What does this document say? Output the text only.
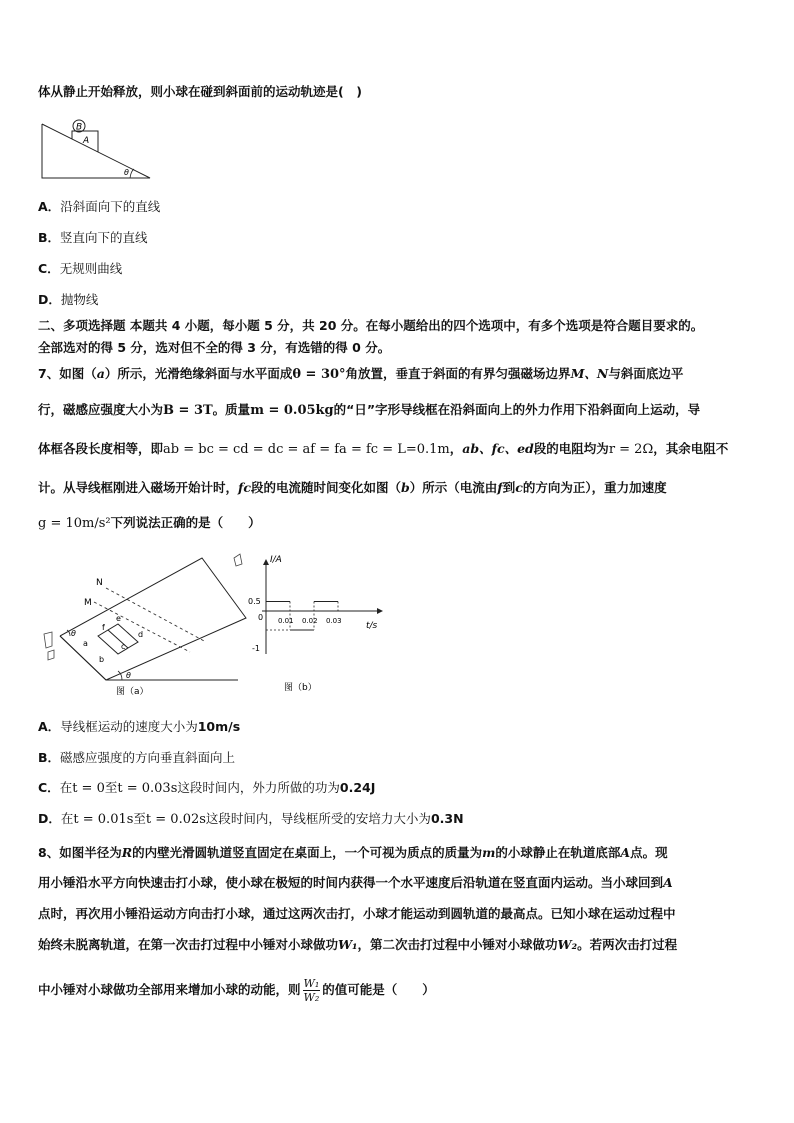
体从静止开始释放，则小球在碰到斜面前的运动轨迹是(　)
B
A
θ
A．沿斜面向下的直线
B．竖直向下的直线
C．无规则曲线
D．抛物线
二、多项选择题 本题共 4 小题，每小题 5 分，共 20 分。在每小题给出的四个选项中，有多个选项是符合题目要求的。
全部选对的得 5 分，选对但不全的得 3 分，有选错的得 0 分。
7、如图（a）所示，光滑绝缘斜面与水平面成θ = 30°角放置，垂直于斜面的有界匀强磁场边界M、N与斜面底边平
行，磁感应强度大小为B = 3T。质量m = 0.05kg的“日”字形导线框在沿斜面向上的外力作用下沿斜面向上运动，导
体框各段长度相等，即ab = bc = cd = dc = af = fa = fc = L=0.1m，ab、fc、ed段的电阻均为r = 2Ω，其余电阻不
计。从导线框刚进入磁场开始计时，fc段的电流随时间变化如图（b）所示（电流由f到c的方向为正），重力加速度
g = 10m/s²下列说法正确的是（　　）
N
M
a
b
c
d
e
f
θ
θ
图（a）
I/A
t/s
0
0.5
-1
0.01 0.02 0.03
图（b）
A．导线框运动的速度大小为10m/s
B．磁感应强度的方向垂直斜面向上
C．在t = 0至t = 0.03s这段时间内，外力所做的功为0.24J
D．在t = 0.01s至t = 0.02s这段时间内，导线框所受的安培力大小为0.3N
8、如图半径为R的内壁光滑圆轨道竖直固定在桌面上，一个可视为质点的质量为m的小球静止在轨道底部A点。现
用小锤沿水平方向快速击打小球，使小球在极短的时间内获得一个水平速度后沿轨道在竖直面内运动。当小球回到A
点时，再次用小锤沿运动方向击打小球，通过这两次击打，小球才能运动到圆轨道的最高点。已知小球在运动过程中
始终未脱离轨道，在第一次击打过程中小锤对小球做功W₁，第二次击打过程中小锤对小球做功W₂。若两次击打过程
中小锤对小球做功全部用来增加小球的动能，则 $\frac{\text{W₁}}{\text{W₂}}$ 的值可能是（　　）
